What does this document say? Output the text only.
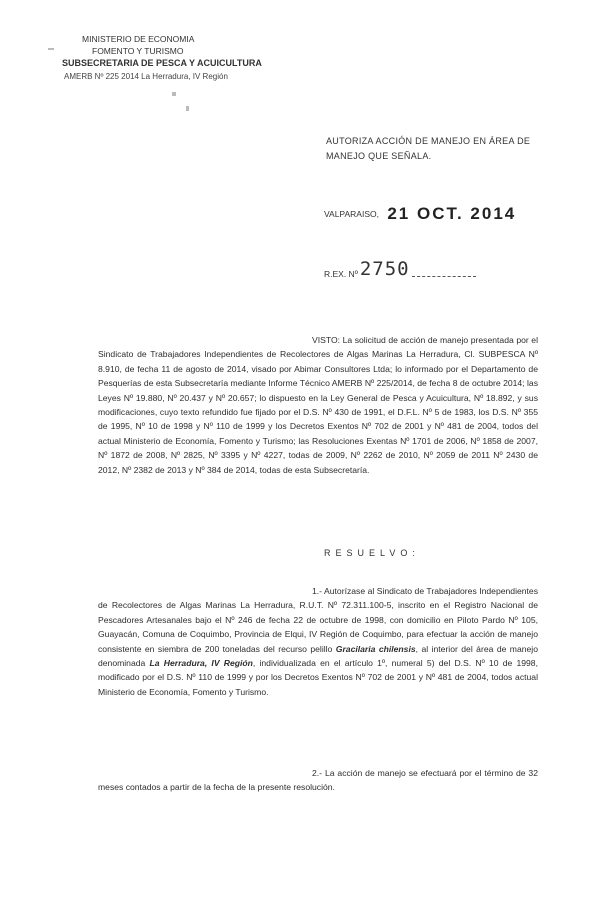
MINISTERIO DE ECONOMIA
FOMENTO Y TURISMO
SUBSECRETARIA DE PESCA Y ACUICULTURA
AMERB Nº 225 2014 La Herradura, IV Región
AUTORIZA ACCIÓN DE MANEJO EN ÁREA DE MANEJO QUE SEÑALA.
VALPARAISO, 21 OCT. 2014
R.EX. Nº 2750

VISTO: La solicitud de acción de manejo presentada por el Sindicato de Trabajadores Independientes de Recolectores de Algas Marinas La Herradura, Cl. SUBPESCA Nº 8.910, de fecha 11 de agosto de 2014, visado por Abimar Consultores Ltda; lo informado por el Departamento de Pesquerías de esta Subsecretaría mediante Informe Técnico AMERB Nº 225/2014, de fecha 8 de octubre 2014; las Leyes Nº 19.880, Nº 20.437 y Nº 20.657; lo dispuesto en la Ley General de Pesca y Acuicultura, Nº 18.892, y sus modificaciones, cuyo texto refundido fue fijado por el D.S. Nº 430 de 1991, el D.F.L. Nº 5 de 1983, los D.S. Nº 355 de 1995, Nº 10 de 1998 y Nº 110 de 1999 y los Decretos Exentos Nº 702 de 2001 y Nº 481 de 2004, todos del actual Ministerio de Economía, Fomento y Turismo; las Resoluciones Exentas Nº 1701 de 2006, Nº 1858 de 2007, Nº 1872 de 2008, Nº 2825, Nº 3395 y Nº 4227, todas de 2009, Nº 2262 de 2010, Nº 2059 de 2011 Nº 2430 de 2012, Nº 2382 de 2013 y Nº 384 de 2014, todas de esta Subsecretaría.

RESUELVO:

1.- Autorízase al Sindicato de Trabajadores Independientes de Recolectores de Algas Marinas La Herradura, R.U.T. Nº 72.311.100-5, inscrito en el Registro Nacional de Pescadores Artesanales bajo el Nº 246 de fecha 22 de octubre de 1998, con domicilio en Piloto Pardo Nº 105, Guayacán, Comuna de Coquimbo, Provincia de Elqui, IV Región de Coquimbo, para efectuar la acción de manejo consistente en siembra de 200 toneladas del recurso pelillo Gracilaria chilensis, al interior del área de manejo denominada La Herradura, IV Región, individualizada en el artículo 1º, numeral 5) del D.S. Nº 10 de 1998, modificado por el D.S. Nº 110 de 1999 y por los Decretos Exentos Nº 702 de 2001 y Nº 481 de 2004, todos actual Ministerio de Economía, Fomento y Turismo.

2.- La acción de manejo se efectuará por el término de 32 meses contados a partir de la fecha de la presente resolución.
